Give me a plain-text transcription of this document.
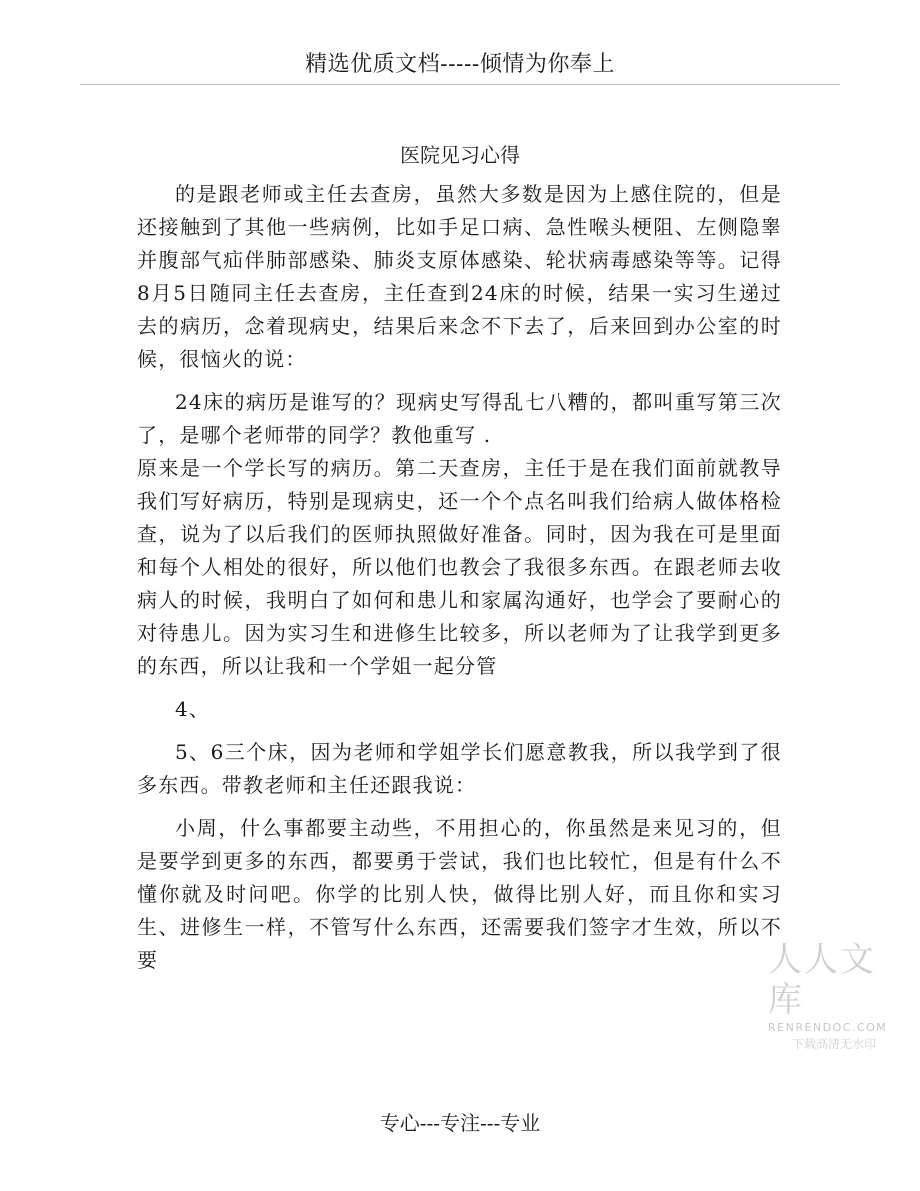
精选优质文档-----倾情为你奉上
医院见习心得

的是跟老师或主任去查房，虽然大多数是因为上感住院的，但是还接触到了其他一些病例，比如手足口病、急性喉头梗阻、左侧隐睾并腹部气疝伴肺部感染、肺炎支原体感染、轮状病毒感染等等。记得8月5日随同主任去查房，主任查到24床的时候，结果一实习生递过去的病历，念着现病史，结果后来念不下去了，后来回到办公室的时候，很恼火的说：

24床的病历是谁写的？现病史写得乱七八糟的，都叫重写第三次了，是哪个老师带的同学？教他重写 .

原来是一个学长写的病历。第二天查房，主任于是在我们面前就教导我们写好病历，特别是现病史，还一个个点名叫我们给病人做体格检查，说为了以后我们的医师执照做好准备。同时，因为我在可是里面和每个人相处的很好，所以他们也教会了我很多东西。在跟老师去收病人的时候，我明白了如何和患儿和家属沟通好，也学会了要耐心的对待患儿。因为实习生和进修生比较多，所以老师为了让我学到更多的东西，所以让我和一个学姐一起分管

4、

5、6三个床，因为老师和学姐学长们愿意教我，所以我学到了很多东西。带教老师和主任还跟我说：

小周，什么事都要主动些，不用担心的，你虽然是来见习的，但是要学到更多的东西，都要勇于尝试，我们也比较忙，但是有什么不懂你就及时问吧。你学的比别人快，做得比别人好，而且你和实习生、进修生一样，不管写什么东西，还需要我们签字才生效，所以不要	人人文库
RENRENDOC.COM
下载高清无水印
专心---专注---专业
